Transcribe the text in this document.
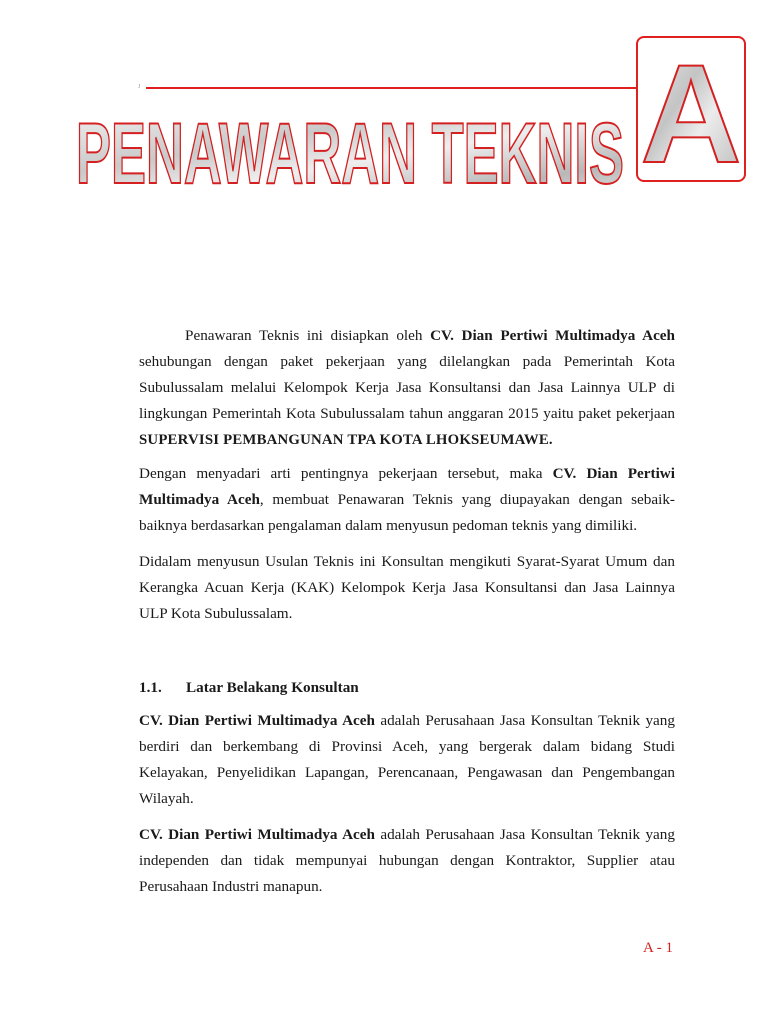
J
PENAWARAN TEKNIS A

Penawaran Teknis ini disiapkan oleh CV. Dian Pertiwi Multimadya Aceh sehubungan dengan paket pekerjaan yang dilelangkan pada Pemerintah Kota Subulussalam melalui Kelompok Kerja Jasa Konsultansi dan Jasa Lainnya ULP di lingkungan Pemerintah Kota Subulussalam tahun anggaran 2015 yaitu paket pekerjaan SUPERVISI PEMBANGUNAN TPA KOTA LHOKSEUMAWE.

Dengan menyadari arti pentingnya pekerjaan tersebut, maka CV. Dian Pertiwi Multimadya Aceh, membuat Penawaran Teknis yang diupayakan dengan sebaik-baiknya berdasarkan pengalaman dalam menyusun pedoman teknis yang dimiliki.

Didalam menyusun Usulan Teknis ini Konsultan mengikuti Syarat-Syarat Umum dan Kerangka Acuan Kerja (KAK) Kelompok Kerja Jasa Konsultansi dan Jasa Lainnya ULP Kota Subulussalam.

1.1. Latar Belakang Konsultan

CV. Dian Pertiwi Multimadya Aceh adalah Perusahaan Jasa Konsultan Teknik yang berdiri dan berkembang di Provinsi Aceh, yang bergerak dalam bidang Studi Kelayakan, Penyelidikan Lapangan, Perencanaan, Pengawasan dan Pengembangan Wilayah.

CV. Dian Pertiwi Multimadya Aceh adalah Perusahaan Jasa Konsultan Teknik yang independen dan tidak mempunyai hubungan dengan Kontraktor, Supplier atau Perusahaan Industri manapun.

A - 1
